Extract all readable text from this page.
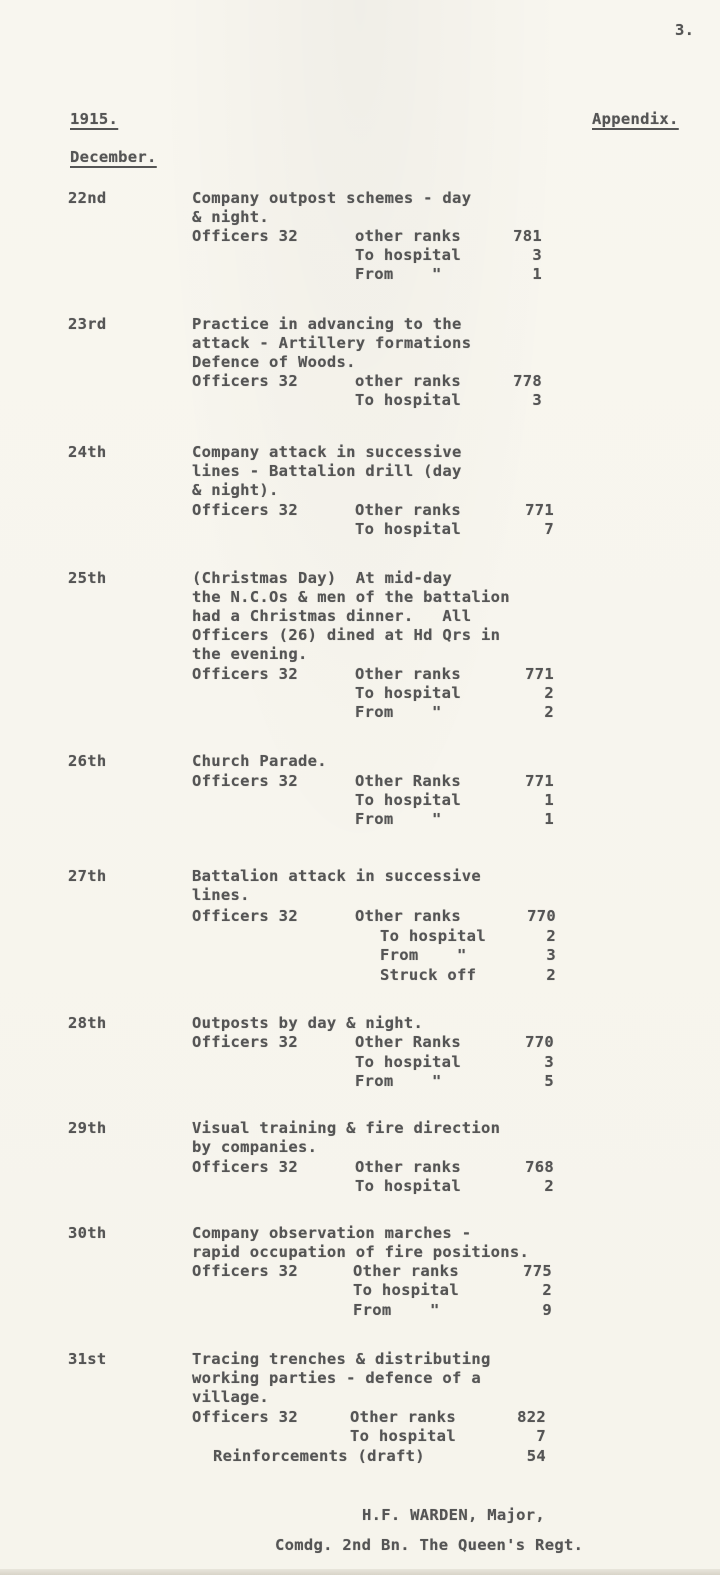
3.
1915.	Appendix.
December.
22nd	Company outpost schemes - day
& night.
Officers 32	other ranks	781
To hospital	3
From    "	1
23rd	Practice in advancing to the
attack - Artillery formations
Defence of Woods.
Officers 32	other ranks	778
To hospital	3
24th	Company attack in successive
lines - Battalion drill (day
& night).
Officers 32	Other ranks	771
To hospital	7
25th	(Christmas Day)  At mid-day
the N.C.Os & men of the battalion
had a Christmas dinner.   All
Officers (26) dined at Hd Qrs in
the evening.
Officers 32	Other ranks	771
To hospital	2
From    "	2
26th	Church Parade.
Officers 32	Other Ranks	771
To hospital	1
From    "	1
27th	Battalion attack in successive
lines.
Officers 32	Other ranks	770
To hospital	2
From    "	3
Struck off	2
28th	Outposts by day & night.
Officers 32	Other Ranks	770
To hospital	3
From    "	5
29th	Visual training & fire direction
by companies.
Officers 32	Other ranks	768
To hospital	2
30th	Company observation marches -
rapid occupation of fire positions.
Officers 32	Other ranks	775
To hospital	2
From    "	9
31st	Tracing trenches & distributing
working parties - defence of a
village.
Officers 32	Other ranks	822
To hospital	7
Reinforcements (draft)	54
H.F. WARDEN, Major,
Comdg. 2nd Bn. The Queen's Regt.
